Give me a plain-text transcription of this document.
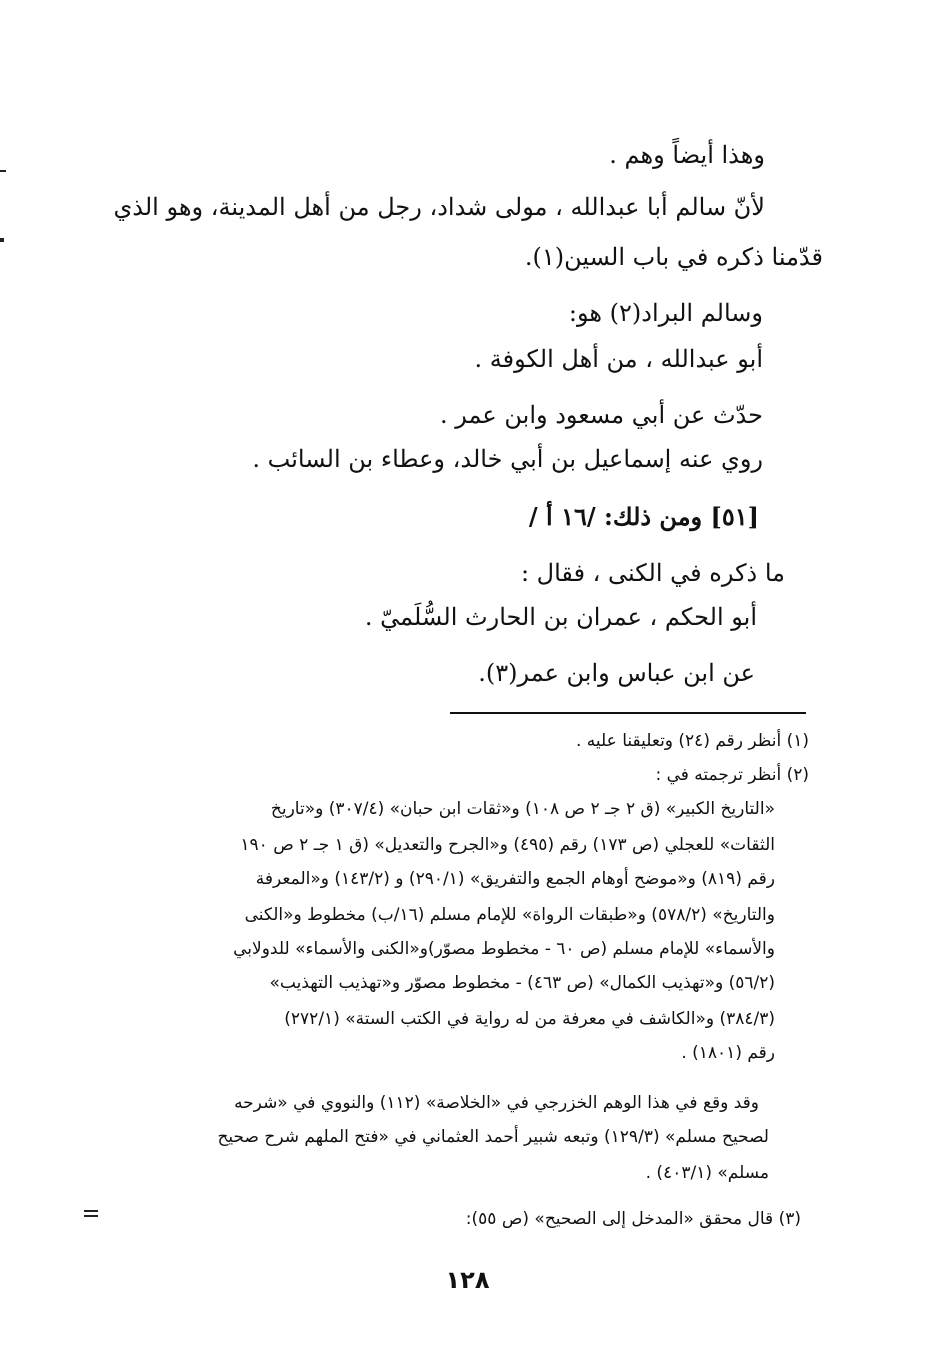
وهذا أيضاً وهم .
لأنّ سالم أبا عبدالله ، مولى شداد، رجل من أهل المدينة، وهو الذي
قدّمنا ذكره في باب السين(١).
وسالم البراد(٢) هو:
أبو عبدالله ، من أهل الكوفة .
حدّث عن أبي مسعود وابن عمر .
روي عنه إسماعيل بن أبي خالد، وعطاء بن السائب .
[٥١] ومن ذلك: /١٦ أ /
ما ذكره في الكنى ، فقال :
أبو الحكم ، عمران بن الحارث السُّلَميّ .
عن ابن عباس وابن عمر(٣).
(١) أنظر رقم (٢٤) وتعليقنا عليه .
(٢) أنظر ترجمته في :
«التاريخ الكبير» (ق ٢ جـ ٢ ص ١٠٨) و«ثقات ابن حبان» (٣٠٧/٤) و«تاريخ
الثقات» للعجلي (ص ١٧٣) رقم (٤٩٥) و«الجرح والتعديل» (ق ١ جـ ٢ ص ١٩٠
رقم (٨١٩) و«موضح أوهام الجمع والتفريق» (٢٩٠/١) و (١٤٣/٢) و«المعرفة
والتاريخ» (٥٧٨/٢) و«طبقات الرواة» للإمام مسلم (١٦/ب) مخطوط و«الكنى
والأسماء» للإمام مسلم (ص ٦٠ - مخطوط مصوّر)و«الكنى والأسماء» للدولابي
(٥٦/٢) و«تهذيب الكمال» (ص ٤٦٣) - مخطوط مصوّر و«تهذيب التهذيب»
(٣٨٤/٣) و«الكاشف في معرفة من له رواية في الكتب الستة» (٢٧٢/١)
رقم (١٨٠١) .
وقد وقع في هذا الوهم الخزرجي في «الخلاصة» (١١٢) والنووي في «شرحه
لصحيح مسلم» (١٢٩/٣) وتبعه شبير أحمد العثماني في «فتح الملهم شرح صحيح
مسلم» (٤٠٣/١) .
(٣) قال محقق «المدخل إلى الصحيح» (ص ٥٥):
١٢٨
